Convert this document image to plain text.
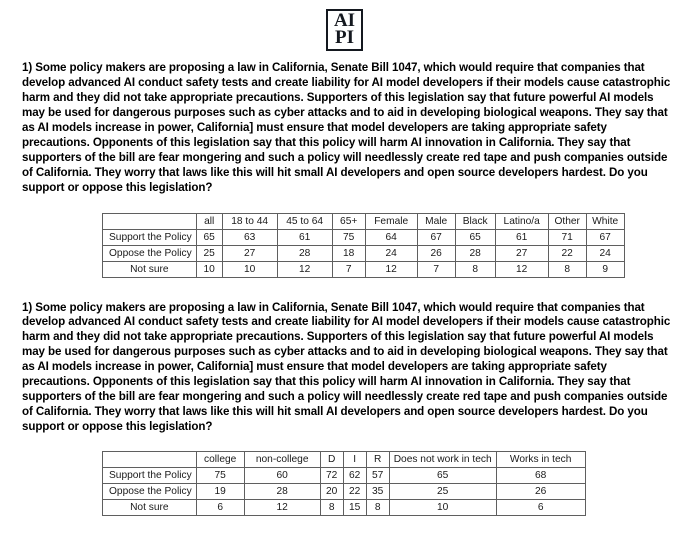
AI
PI

1) Some policy makers are proposing a law in California, Senate Bill 1047, which would require that companies that develop advanced AI conduct safety tests and create liability for AI model developers if their models cause catastrophic harm and they did not take appropriate precautions. Supporters of this legislation say that future powerful AI models may be used for dangerous purposes such as cyber attacks and to aid in developing biological weapons. They say that as AI models increase in power, California] must ensure that model developers are taking appropriate safety precautions. Opponents of this legislation say that this policy will harm AI innovation in California. They say that supporters of the bill are fear mongering and such a policy will needlessly create red tape and push companies outside of California. They worry that laws like this will hit small AI developers and open source developers hardest. Do you support or oppose this legislation?

	all	18 to 44	45 to 64	65+	Female	Male	Black	Latino/a	Other	White
Support the Policy	65	63	61	75	64	67	65	61	71	67
Oppose the Policy	25	27	28	18	24	26	28	27	22	24
Not sure	10	10	12	7	12	7	8	12	8	9

1) Some policy makers are proposing a law in California, Senate Bill 1047, which would require that companies that develop advanced AI conduct safety tests and create liability for AI model developers if their models cause catastrophic harm and they did not take appropriate precautions. Supporters of this legislation say that future powerful AI models may be used for dangerous purposes such as cyber attacks and to aid in developing biological weapons. They say that as AI models increase in power, California] must ensure that model developers are taking appropriate safety precautions. Opponents of this legislation say that this policy will harm AI innovation in California. They say that supporters of the bill are fear mongering and such a policy will needlessly create red tape and push companies outside of California. They worry that laws like this will hit small AI developers and open source developers hardest. Do you support or oppose this legislation?

	college	non-college	D	I	R	Does not work in tech	Works in tech
Support the Policy	75	60	72	62	57	65	68
Oppose the Policy	19	28	20	22	35	25	26
Not sure	6	12	8	15	8	10	6
